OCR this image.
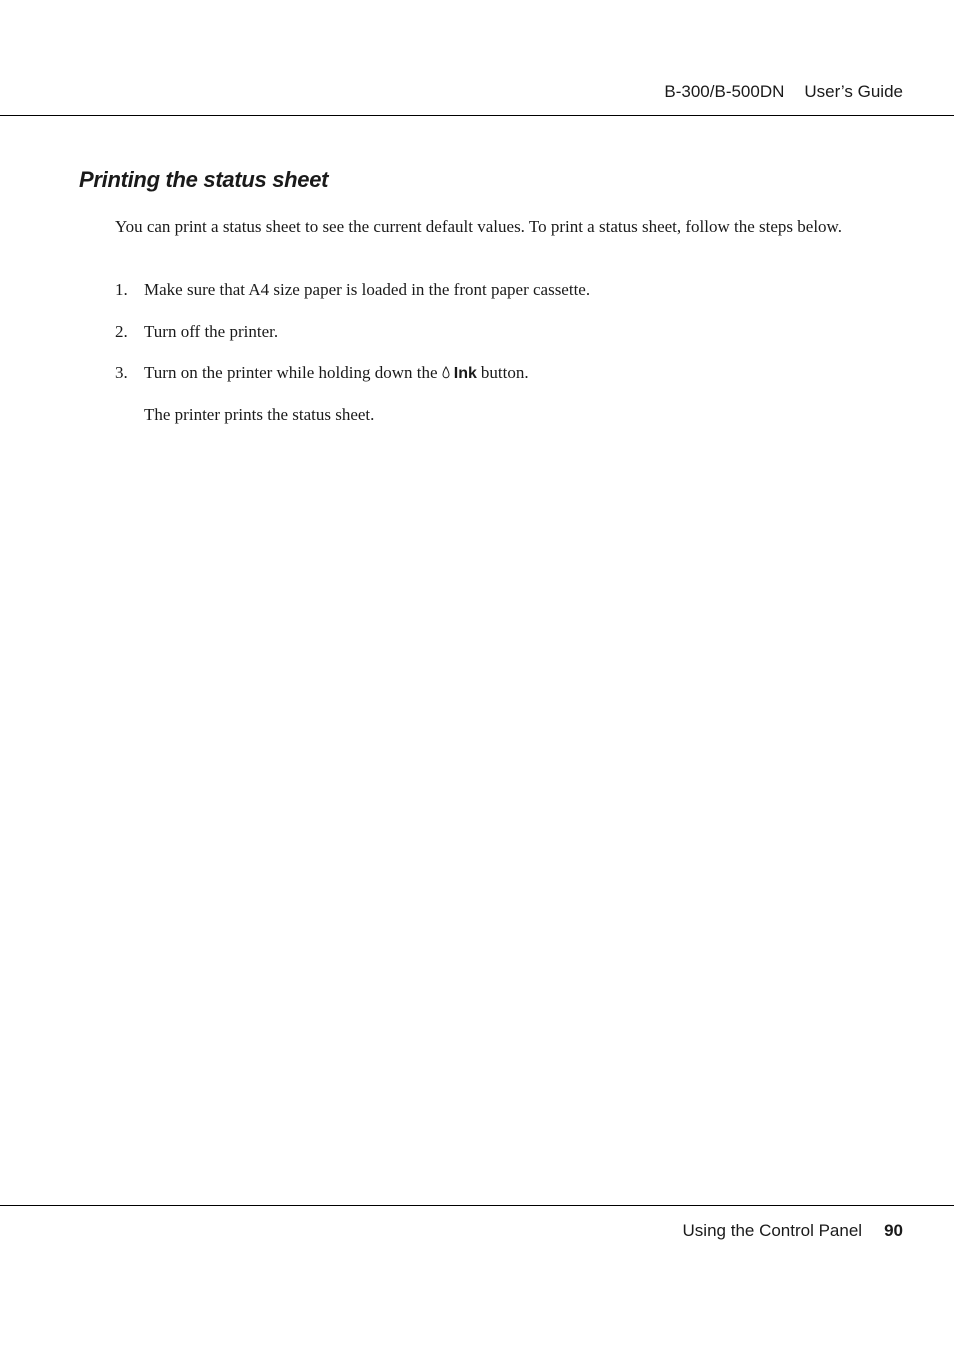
B-300/B-500DN User’s Guide
Printing the status sheet

You can print a status sheet to see the current default values. To print a status sheet, follow the steps below.

1. Make sure that A4 size paper is loaded in the front paper cassette.
2. Turn off the printer.
3. Turn on the printer while holding down the Ink button.

The printer prints the status sheet.

Using the Control Panel 90
